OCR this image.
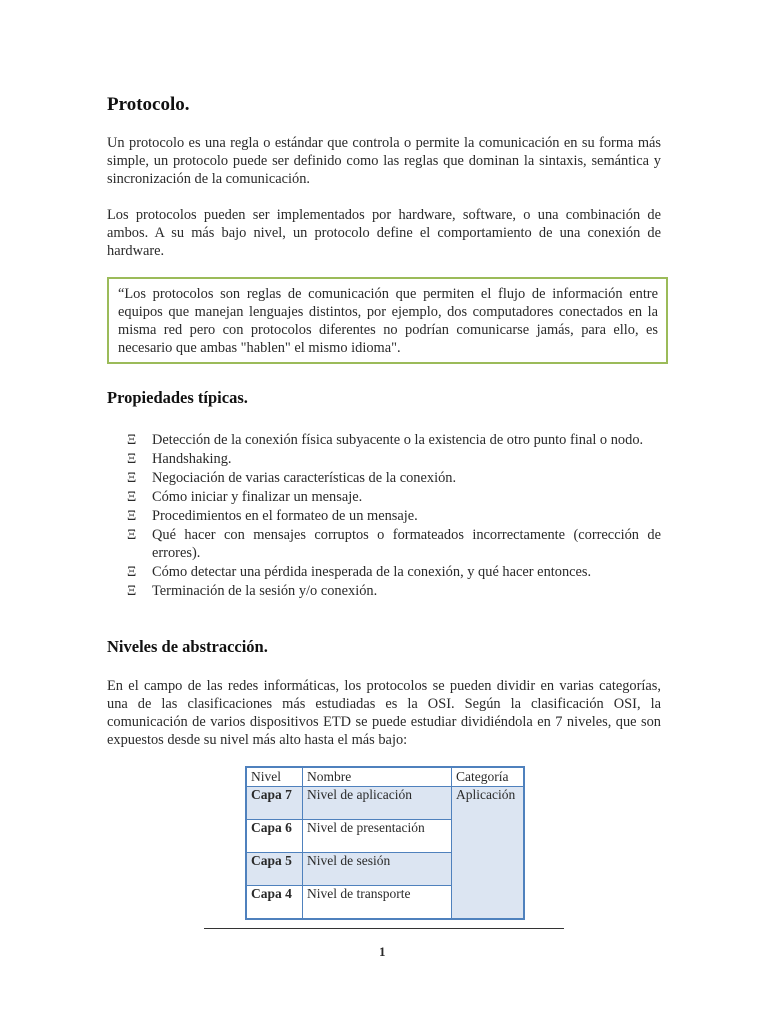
Protocolo.

Un protocolo es una regla o estándar que controla o permite la comunicación en su forma más simple, un protocolo puede ser definido como las reglas que dominan la sintaxis, semántica y sincronización de la comunicación.

Los protocolos pueden ser implementados por hardware, software, o una combinación de ambos. A su más bajo nivel, un protocolo define el comportamiento de una conexión de hardware.

“Los protocolos son reglas de comunicación que permiten el flujo de información entre equipos que manejan lenguajes distintos, por ejemplo, dos computadores conectados en la misma red pero con protocolos diferentes no podrían comunicarse jamás, para ello, es necesario que ambas "hablen" el mismo idioma".
Propiedades típicas.
Ξ Detección de la conexión física subyacente o la existencia de otro punto final o nodo.
Ξ Handshaking.
Ξ Negociación de varias características de la conexión.
Ξ Cómo iniciar y finalizar un mensaje.
Ξ Procedimientos en el formateo de un mensaje.
Ξ Qué hacer con mensajes corruptos o formateados incorrectamente (corrección de errores).
Ξ Cómo detectar una pérdida inesperada de la conexión, y qué hacer entonces.
Ξ Terminación de la sesión y/o conexión.
Niveles de abstracción.

En el campo de las redes informáticas, los protocolos se pueden dividir en varias categorías, una de las clasificaciones más estudiadas es la OSI. Según la clasificación OSI, la comunicación de varios dispositivos ETD se puede estudiar dividiéndola en 7 niveles, que son expuestos desde su nivel más alto hasta el más bajo:

Nivel	Nombre	Categoría
Capa 7	Nivel de aplicación	Aplicación
Capa 6	Nivel de presentación	
Capa 5	Nivel de sesión	
Capa 4	Nivel de transporte	
1
